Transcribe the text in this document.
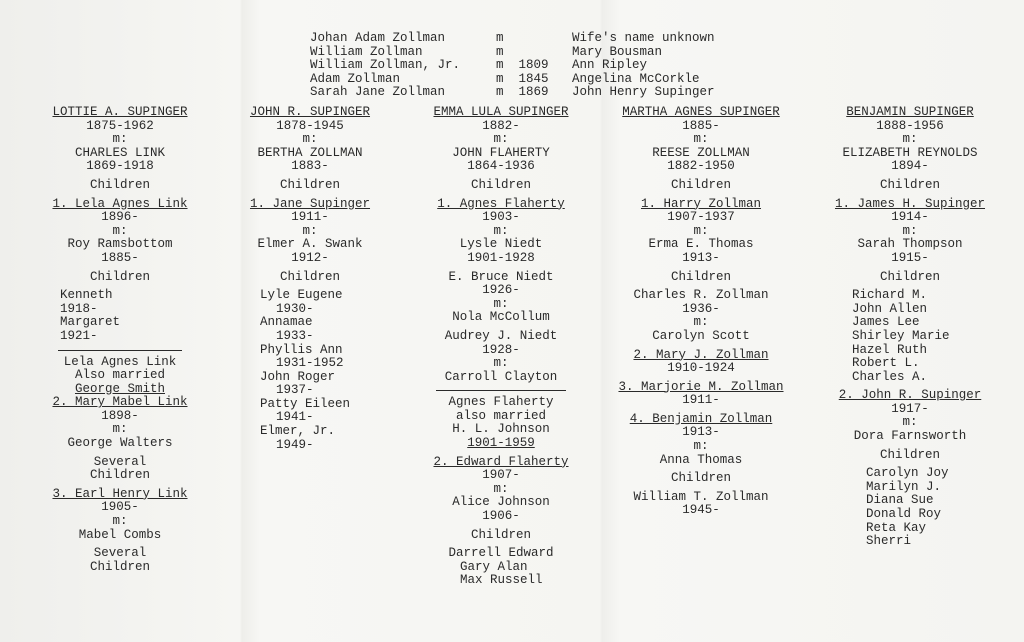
Johan Adam Zollman	m	Wife's name unknown
William Zollman	m	Mary Bousman
William Zollman, Jr.	m 1809	Ann Ripley
Adam Zollman	m 1845	Angelina McCorkle
Sarah Jane Zollman	m 1869	John Henry Supinger
LOTTIE A. SUPINGER
1875-1962
m:
CHARLES LINK
1869-1918
Children
1. Lela Agnes Link
1896-
m:
Roy Ramsbottom
1885-
Children
Kenneth
1918-
Margaret
1921-
Lela Agnes Link
Also married
George Smith
2. Mary Mabel Link
1898-
m:
George Walters
Several
Children
3. Earl Henry Link
1905-
m:
Mabel Combs
Several
Children
JOHN R. SUPINGER
1878-1945
m:
BERTHA ZOLLMAN
1883-
Children
1. Jane Supinger
1911-
m:
Elmer A. Swank
1912-
Children
Lyle Eugene
1930-
Annamae
1933-
Phyllis Ann
1931-1952
John Roger
1937-
Patty Eileen
1941-
Elmer, Jr.
1949-
EMMA LULA SUPINGER
1882-
m:
JOHN FLAHERTY
1864-1936
Children
1. Agnes Flaherty
1903-
m:
Lysle Niedt
1901-1928
E. Bruce Niedt
1926-
m:
Nola McCollum
Audrey J. Niedt
1928-
m:
Carroll Clayton
Agnes Flaherty
also married
H. L. Johnson
1901-1959
2. Edward Flaherty
1907-
m:
Alice Johnson
1906-
Children
Darrell Edward
Gary Alan
Max Russell
MARTHA AGNES SUPINGER
1885-
m:
REESE ZOLLMAN
1882-1950
Children
1. Harry Zollman
1907-1937
m:
Erma E. Thomas
1913-
Children
Charles R. Zollman
1936-
m:
Carolyn Scott
2. Mary J. Zollman
1910-1924
3. Marjorie M. Zollman
1911-
4. Benjamin Zollman
1913-
m:
Anna Thomas
Children
William T. Zollman
1945-
BENJAMIN SUPINGER
1888-1956
m:
ELIZABETH REYNOLDS
1894-
Children
1. James H. Supinger
1914-
m:
Sarah Thompson
1915-
Children
Richard M.
John Allen
James Lee
Shirley Marie
Hazel Ruth
Robert L.
Charles A.
2. John R. Supinger
1917-
m:
Dora Farnsworth
Children
Carolyn Joy
Marilyn J.
Diana Sue
Donald Roy
Reta Kay
Sherri
